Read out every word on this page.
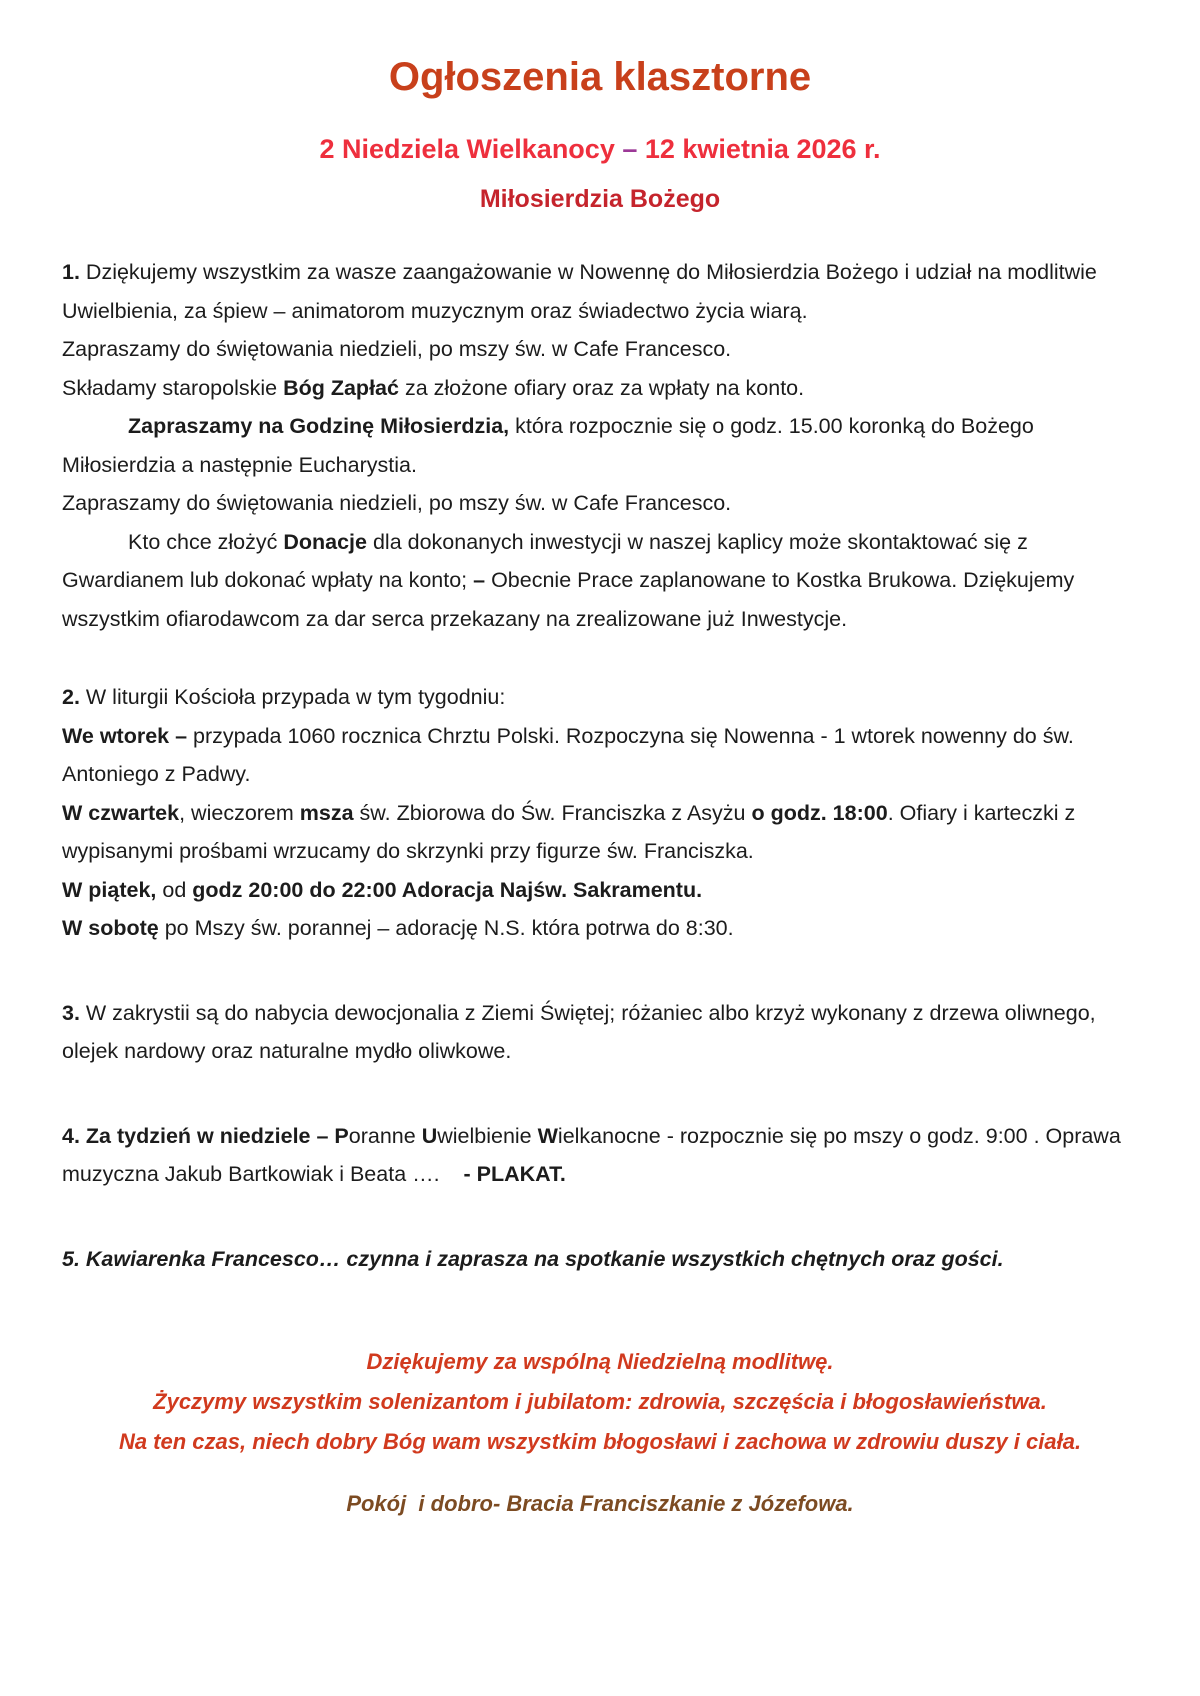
Ogłoszenia klasztorne
2 Niedziela Wielkanocy – 12 kwietnia 2026 r.
Miłosierdzia Bożego
1. Dziękujemy wszystkim za wasze zaangażowanie w Nowennę do Miłosierdzia Bożego i udział na modlitwie Uwielbienia, za śpiew – animatorom muzycznym oraz świadectwo życia wiarą.
Zapraszamy do świętowania niedzieli, po mszy św. w Cafe Francesco.
Składamy staropolskie Bóg Zapłać za złożone ofiary oraz za wpłaty na konto.
Zapraszamy na Godzinę Miłosierdzia, która rozpocznie się o godz. 15.00 koronką do Bożego Miłosierdzia a następnie Eucharystia.
Zapraszamy do świętowania niedzieli, po mszy św. w Cafe Francesco.
Kto chce złożyć Donacje dla dokonanych inwestycji w naszej kaplicy może skontaktować się z Gwardianem lub dokonać wpłaty na konto; – Obecnie Prace zaplanowane to Kostka Brukowa. Dziękujemy wszystkim ofiarodawcom za dar serca przekazany na zrealizowane już Inwestycje.
2. W liturgii Kościoła przypada w tym tygodniu:
We wtorek – przypada 1060 rocznica Chrztu Polski. Rozpoczyna się Nowenna - 1 wtorek nowenny do św. Antoniego z Padwy.
W czwartek, wieczorem msza św. Zbiorowa do Św. Franciszka z Asyżu o godz. 18:00. Ofiary i karteczki z wypisanymi prośbami wrzucamy do skrzynki przy figurze św. Franciszka.
W piątek, od godz 20:00 do 22:00 Adoracja Najśw. Sakramentu.
W sobotę po Mszy św. porannej – adorację N.S. która potrwa do 8:30.
3. W zakrystii są do nabycia dewocjonalia z Ziemi Świętej; różaniec albo krzyż wykonany z drzewa oliwnego, olejek nardowy oraz naturalne mydło oliwkowe.
4. Za tydzień w niedziele – Poranne Uwielbienie Wielkanocne - rozpocznie się po mszy o godz. 9:00 . Oprawa muzyczna Jakub Bartkowiak i Beata ….    - PLAKAT.
5. Kawiarenka Francesco… czynna i zaprasza na spotkanie wszystkich chętnych oraz gości.
Dziękujemy za wspólną Niedzielną modlitwę.
Życzymy wszystkim solenizantom i jubilatom: zdrowia, szczęścia i błogosławieństwa.
Na ten czas, niech dobry Bóg wam wszystkim błogosławi i zachowa w zdrowiu duszy i ciała.
Pokój  i dobro- Bracia Franciszkanie z Józefowa.
